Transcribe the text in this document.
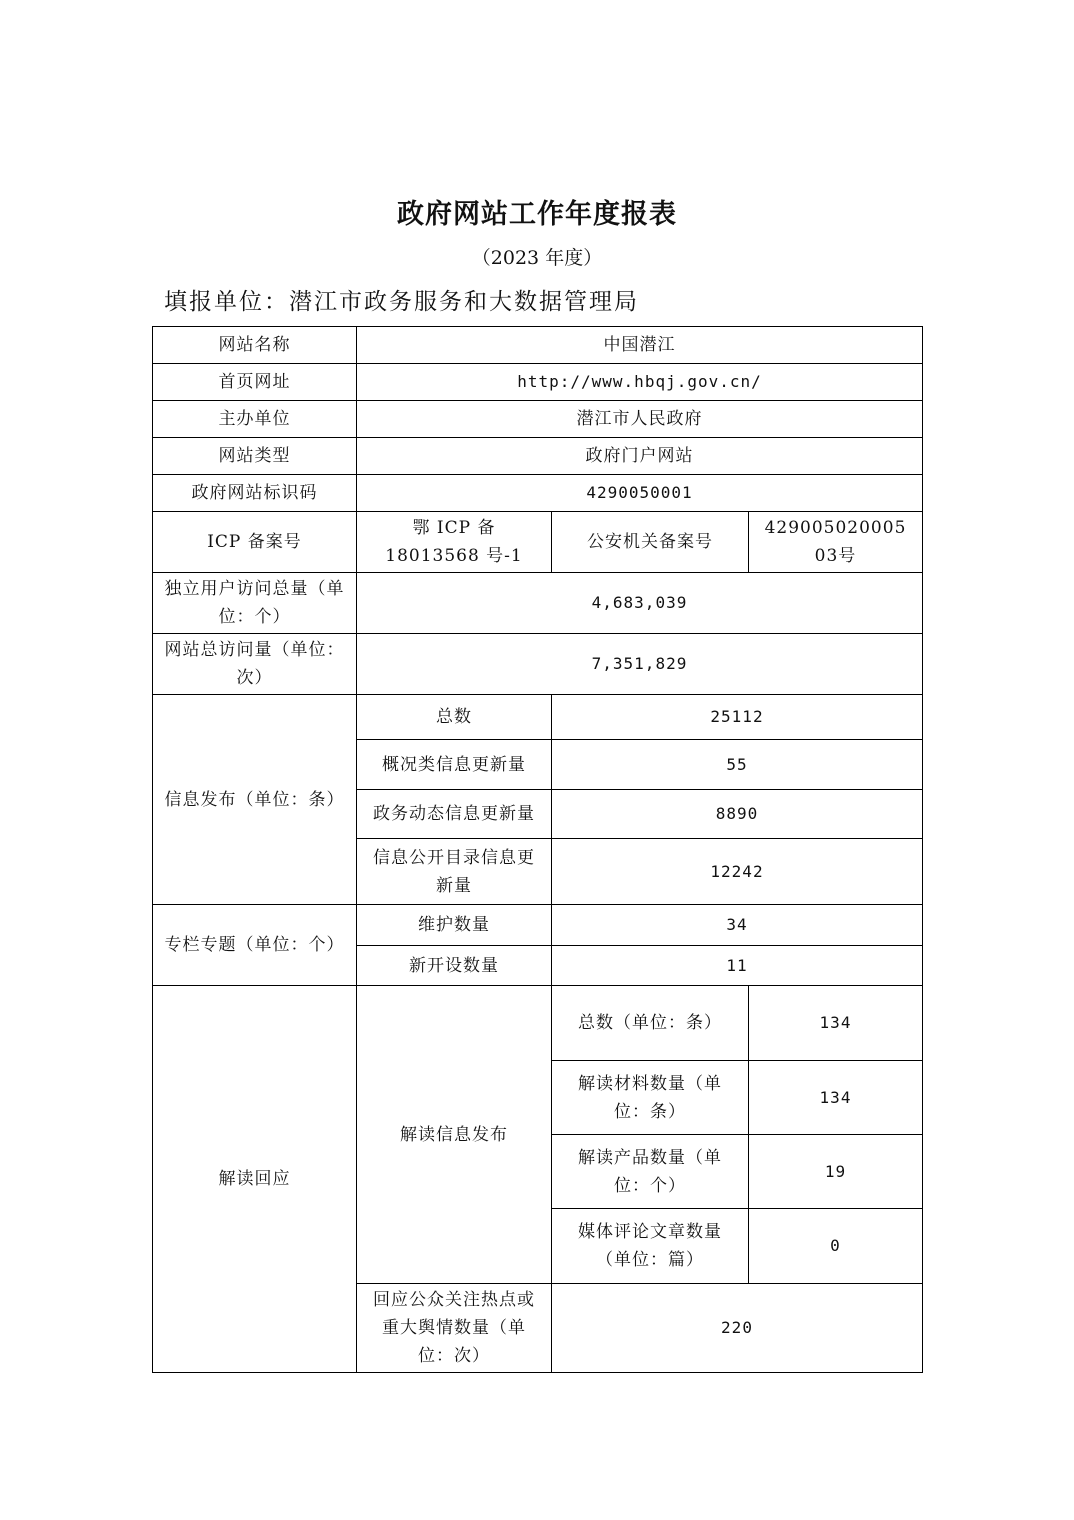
政府网站工作年度报表
（2023 年度）
填报单位：潜江市政务服务和大数据管理局
网站名称	中国潜江		
首页网址	http://www.hbqj.gov.cn/		
主办单位	潜江市人民政府		
网站类型	政府门户网站		
政府网站标识码	4290050001		
ICP 备案号	鄂 ICP 备 18013568 号-1	公安机关备案号	42900502000503号
独立用户访问总量（单位：个）	4,683,039		
网站总访问量（单位：次）	7,351,829		
信息发布（单位：条）	总数	25112	
	概况类信息更新量	55	
	政务动态信息更新量	8890	
	信息公开目录信息更新量	12242	
专栏专题（单位：个）	维护数量	34	
	新开设数量	11	
解读回应	解读信息发布	总数（单位：条）	134
		解读材料数量（单位：条）	134
		解读产品数量（单位：个）	19
		媒体评论文章数量（单位：篇）	0
	回应公众关注热点或重大舆情数量（单位：次）	220	
